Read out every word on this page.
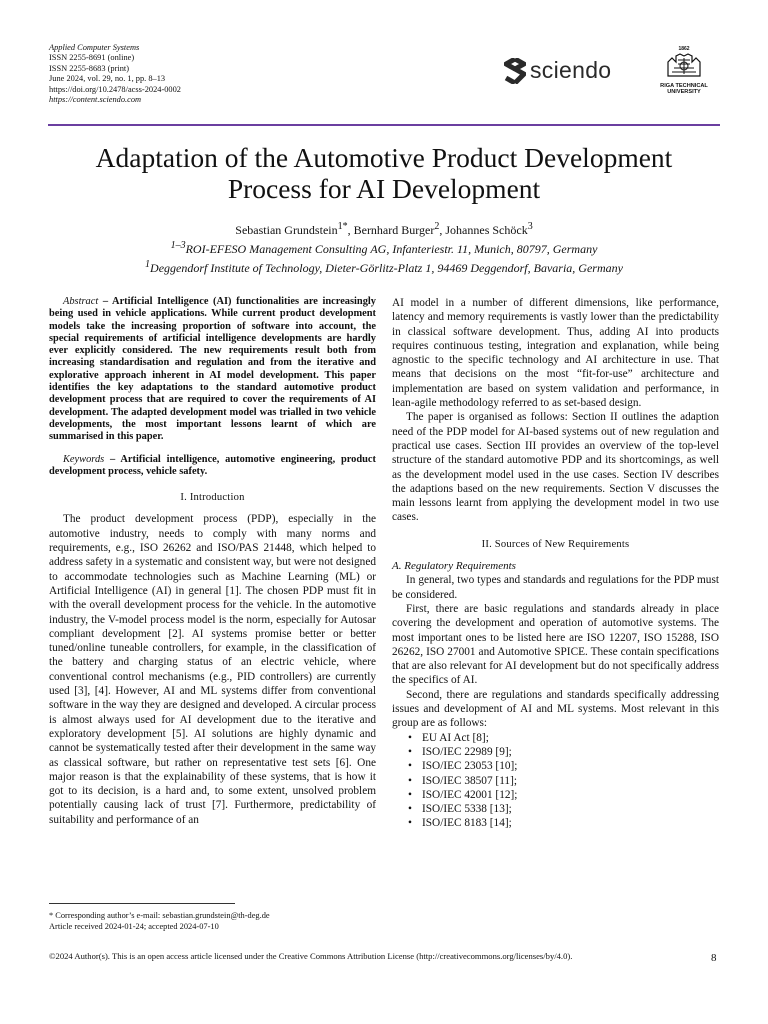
Applied Computer Systems
ISSN 2255-8691 (online)
ISSN 2255-8683 (print)
June 2024, vol. 29, no. 1, pp. 8–13
https://doi.org/10.2478/acss-2024-0002
https://content.sciendo.com
sciendo
1862
RIGA TECHNICAL
UNIVERSITY
Adaptation of the Automotive Product Development
Process for AI Development
Sebastian Grundstein$^{1*}$, Bernhard Burger$^2$, Johannes Schöck$^3$
$^{1-3}$ROI-EFESO Management Consulting AG, Infanteriestr. 11, Munich, 80797, Germany
$^1$Deggendorf Institute of Technology, Dieter-Görlitz-Platz 1, 94469 Deggendorf, Bavaria, Germany

Abstract – Artificial Intelligence (AI) functionalities are increasingly being used in vehicle applications. While current product development models take the increasing proportion of software into account, the special requirements of artificial intelligence developments are hardly ever explicitly considered. The new requirements result both from increasing standardisation and regulation and from the iterative and explorative approach inherent in AI model development. This paper identifies the key adaptations to the standard automotive product development process that are required to cover the requirements of AI development. The adapted development model was trialled in two vehicle developments, the most important lessons learnt of which are summarised in this paper.

Keywords – Artificial intelligence, automotive engineering, product development process, vehicle safety.

I. Introduction

The product development process (PDP), especially in the automotive industry, needs to comply with many norms and requirements, e.g., ISO 26262 and ISO/PAS 21448, which helped to address safety in a systematic and consistent way, but were not designed to accommodate technologies such as Machine Learning (ML) or Artificial Intelligence (AI) in general [1]. The chosen PDP must fit in with the overall development process for the vehicle. In the automotive industry, the V-model process model is the norm, especially for Autosar compliant development [2]. AI systems promise better or better tuned/online tuneable controllers, for example, in the classification of the battery and charging status of an electric vehicle, where conventional control mechanisms (e.g., PID controllers) are currently used [3], [4]. However, AI and ML systems differ from conventional software in the way they are designed and developed. A circular process is almost always used for AI development due to the iterative and exploratory development [5]. AI solutions are highly dynamic and cannot be systematically tested after their development in the same way as classical software, but rather on representative test sets [6]. One major reason is that the explainability of these systems, that is how it got to its decision, is a hard and, to some extent, unsolved problem potentially causing lack of trust [7]. Furthermore, predictability of suitability and performance of an

AI model in a number of different dimensions, like performance, latency and memory requirements is vastly lower than the predictability in classical software development. Thus, adding AI into products requires continuous testing, integration and explanation, while being agnostic to the specific technology and AI architecture in use. That means that decisions on the most “fit-for-use” architecture and implementation are based on system validation and performance, in lean-agile methodology referred to as set-based design.

The paper is organised as follows: Section II outlines the adaption need of the PDP model for AI-based systems out of new regulation and practical use cases. Section III provides an overview of the top-level structure of the standard automotive PDP and its shortcomings, as well as the development model used in the use cases. Section IV describes the adaptions based on the new requirements. Section V discusses the main lessons learnt from applying the development model in two use cases.

II. Sources of New Requirements

A. Regulatory Requirements

In general, two types and standards and regulations for the PDP must be considered.

First, there are basic regulations and standards already in place covering the development and operation of automotive systems. The most important ones to be listed here are ISO 12207, ISO 15288, ISO 26262, ISO 27001 and Automotive SPICE. These contain specifications that are also relevant for AI development but do not specifically address the specifics of AI.

Second, there are regulations and standards specifically addressing issues and development of AI and ML systems. Most relevant in this group are as follows:

• EU AI Act [8];
• ISO/IEC 22989 [9];
• ISO/IEC 23053 [10];
• ISO/IEC 38507 [11];
• ISO/IEC 42001 [12];
• ISO/IEC 5338 [13];
• ISO/IEC 8183 [14];
* Corresponding author’s e-mail: sebastian.grundstein@th-deg.de
Article received 2024-01-24; accepted 2024-07-10
©2024 Author(s). This is an open access article licensed under the Creative Commons Attribution License (http://creativecommons.org/licenses/by/4.0).	8
